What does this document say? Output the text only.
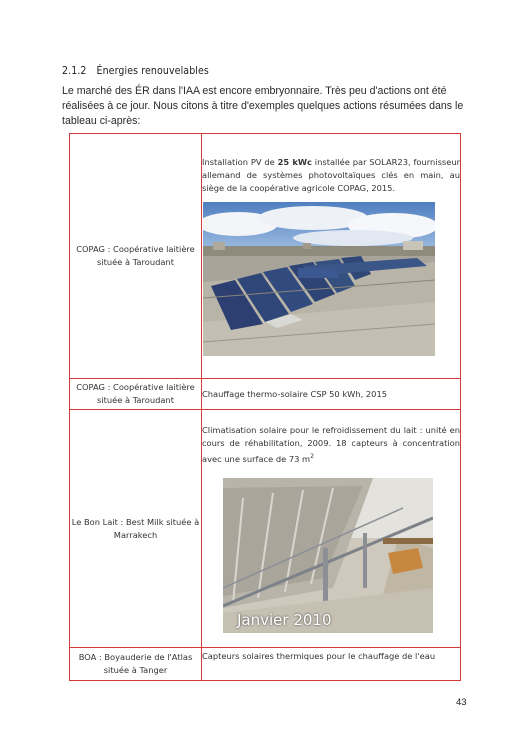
2.1.2 Énergies renouvelables
Le marché des ÉR dans l'IAA est encore embryonnaire. Très peu d'actions ont été réalisées à ce jour. Nous citons à titre d'exemples quelques actions résumées dans le tableau ci-après:
COPAG : Coopérative laitière située à Taroudant	Installation PV de 25 kWc installée par SOLAR23, fournisseur allemand de systèmes photovoltaïques clés en main, au siège de la coopérative agricole COPAG, 2015.

COPAG : Coopérative laitière située à Taroudant	Chauffage thermo-solaire CSP 50 kWh, 2015
Le Bon Lait : Best Milk située à Marrakech	Climatisation solaire pour le refroidissement du lait : unité en cours de réhabilitation, 2009. 18 capteurs à concentration avec une surface de 73 $m^2$
Janvier 2010

BOA : Boyauderie de l'Atlas située à Tanger	Capteurs solaires thermiques pour le chauffage de l'eau
43
